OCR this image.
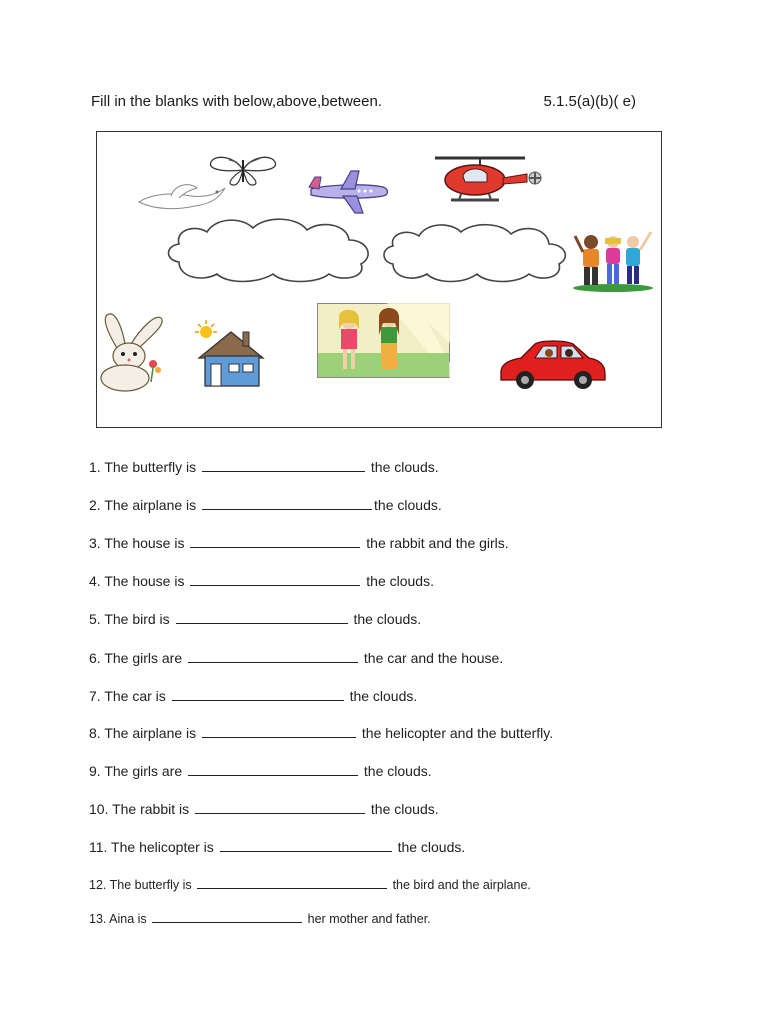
Fill in the blanks with below,above,between.	5.1.5(a)(b)( e)
1. The butterfly is	the clouds.
2. The airplane is	the clouds.
3. The house is	the rabbit and the girls.
4. The house is	the clouds.
5. The bird is	the clouds.
6. The girls are	the car and the house.
7. The car is	the clouds.
8. The airplane is	the helicopter and the butterfly.
9. The girls are	the clouds.
10. The rabbit is	the clouds.
11. The helicopter is	the clouds.
12. The butterfly is	the bird and the airplane.
13. Aina is	her mother and father.
